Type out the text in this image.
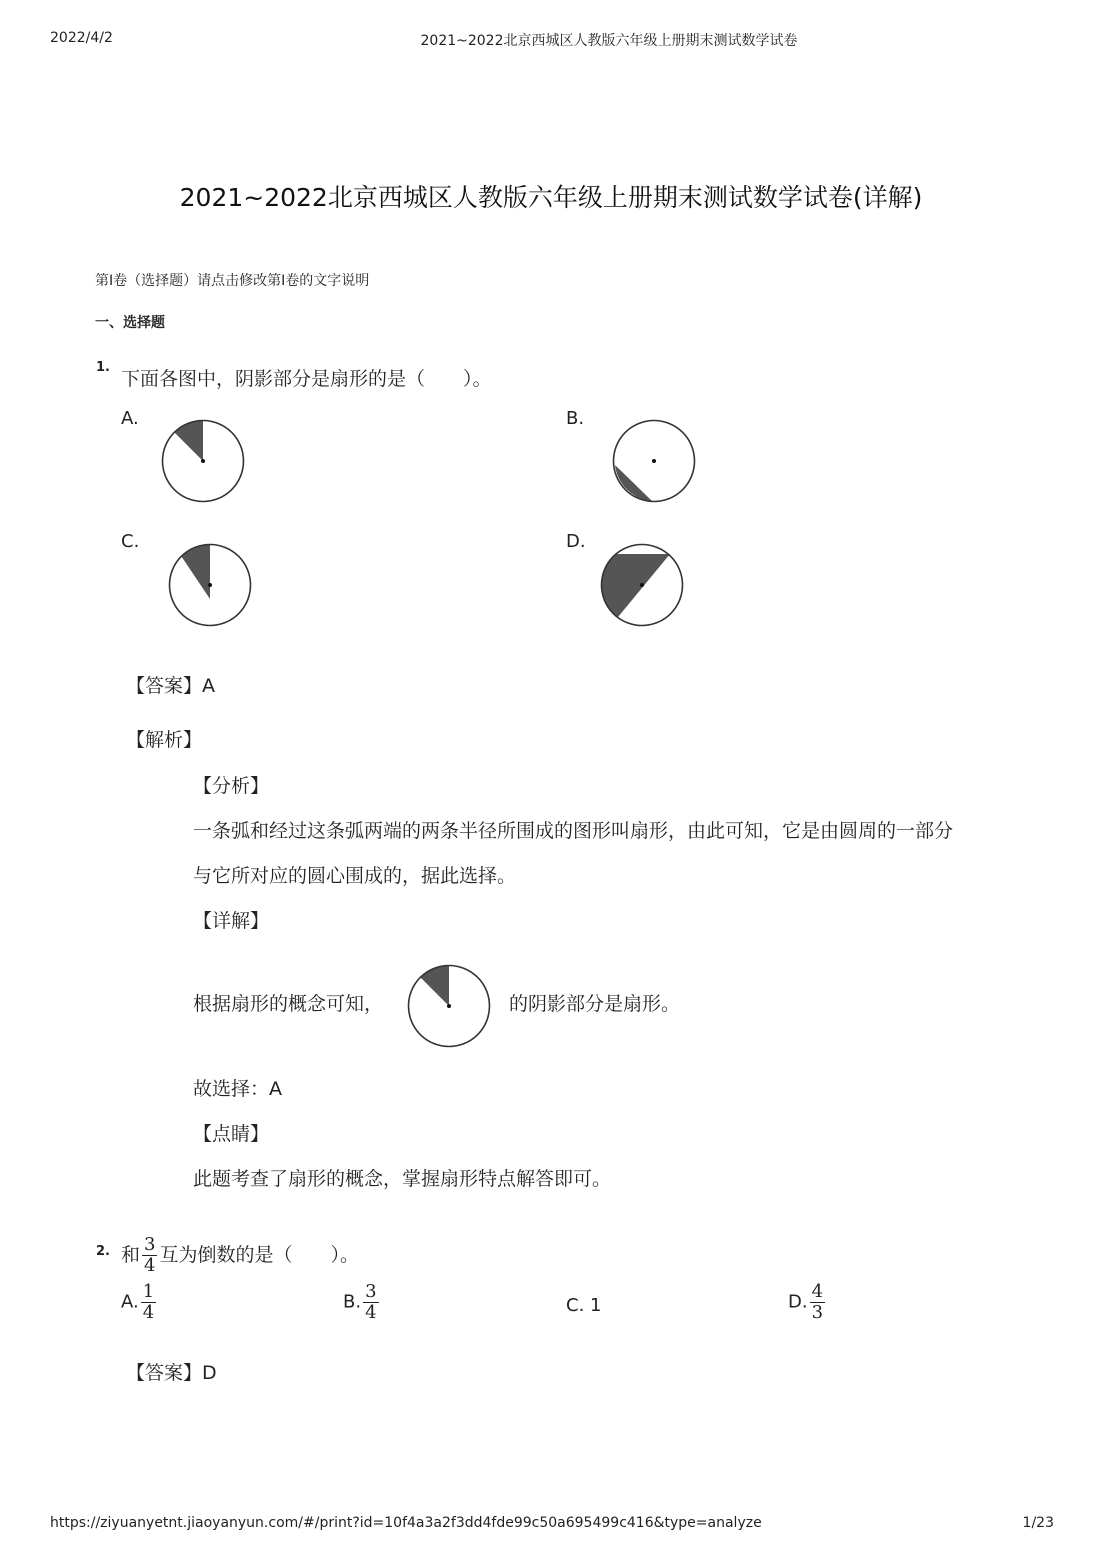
2022/4/2	2021~2022北京西城区人教版六年级上册期末测试数学试卷
2021~2022北京西城区人教版六年级上册期末测试数学试卷(详解)
第Ⅰ卷（选择题）请点击修改第Ⅰ卷的文字说明
一、选择题
1.
下面各图中，阴影部分是扇形的是（　　）。
A.	B.
C.	D.
【答案】A
【解析】
【分析】
一条弧和经过这条弧两端的两条半径所围成的图形叫扇形，由此可知，它是由圆周的一部分
与它所对应的圆心围成的，据此选择。
【详解】
根据扇形的概念可知，	的阴影部分是扇形。
故选择：A
【点睛】
此题考查了扇形的概念，掌握扇形特点解答即可。
2. 和 $\frac{3}{4}$ 互为倒数的是（　　）。
A. $\frac{1}{4}$	B. $\frac{3}{4}$	C. 1	D. $\frac{4}{3}$
【答案】D
https://ziyuanyetnt.jiaoyanyun.com/#/print?id=10f4a3a2f3dd4fde99c50a695499c416&type=analyze	1/23
